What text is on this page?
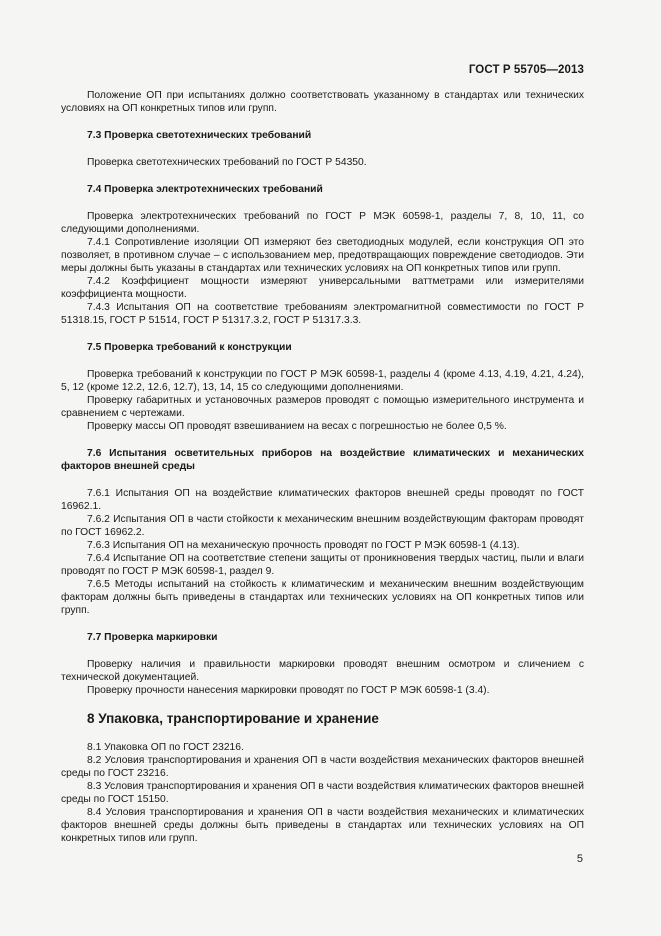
ГОСТ Р 55705—2013

Положение ОП при испытаниях должно соответствовать указанному в стандартах или технических условиях на ОП конкретных типов или групп.

7.3 Проверка светотехнических требований

Проверка светотехнических требований по ГОСТ Р 54350.

7.4 Проверка электротехнических требований

Проверка электротехнических требований по ГОСТ Р МЭК 60598-1, разделы 7, 8, 10, 11, со следующими дополнениями.

7.4.1 Сопротивление изоляции ОП измеряют без светодиодных модулей, если конструкция ОП это позволяет, в противном случае – с использованием мер, предотвращающих повреждение светодиодов. Эти меры должны быть указаны в стандартах или технических условиях на ОП конкретных типов или групп.

7.4.2 Коэффициент мощности измеряют универсальными ваттметрами или измерителями коэффициента мощности.

7.4.3 Испытания ОП на соответствие требованиям электромагнитной совместимости по ГОСТ Р 51318.15, ГОСТ Р 51514, ГОСТ Р 51317.3.2, ГОСТ Р 51317.3.3.

7.5 Проверка требований к конструкции

Проверка требований к конструкции по ГОСТ Р МЭК 60598-1, разделы 4 (кроме 4.13, 4.19, 4.21, 4.24), 5, 12 (кроме 12.2, 12.6, 12.7), 13, 14, 15 со следующими дополнениями.

Проверку габаритных и установочных размеров проводят с помощью измерительного инструмента и сравнением с чертежами.

Проверку массы ОП проводят взвешиванием на весах с погрешностью не более 0,5 %.

7.6 Испытания осветительных приборов на воздействие климатических и механических факторов внешней среды

7.6.1 Испытания ОП на воздействие климатических факторов внешней среды проводят по ГОСТ 16962.1.

7.6.2 Испытания ОП в части стойкости к механическим внешним воздействующим факторам проводят по ГОСТ 16962.2.

7.6.3 Испытания ОП на механическую прочность проводят по ГОСТ Р МЭК 60598-1 (4.13).

7.6.4 Испытание ОП на соответствие степени защиты от проникновения твердых частиц, пыли и влаги проводят по ГОСТ Р МЭК 60598-1, раздел 9.

7.6.5 Методы испытаний на стойкость к климатическим и механическим внешним воздействующим факторам должны быть приведены в стандартах или технических условиях на ОП конкретных типов или групп.

7.7 Проверка маркировки

Проверку наличия и правильности маркировки проводят внешним осмотром и сличением с технической документацией.

Проверку прочности нанесения маркировки проводят по ГОСТ Р МЭК 60598-1 (3.4).

8 Упаковка, транспортирование и хранение

8.1 Упаковка ОП по ГОСТ 23216.

8.2 Условия транспортирования и хранения ОП в части воздействия механических факторов внешней среды по ГОСТ 23216.

8.3 Условия транспортирования и хранения ОП в части воздействия климатических факторов внешней среды по ГОСТ 15150.

8.4 Условия транспортирования и хранения ОП в части воздействия механических и климатических факторов внешней среды должны быть приведены в стандартах или технических условиях на ОП конкретных типов или групп.

5
